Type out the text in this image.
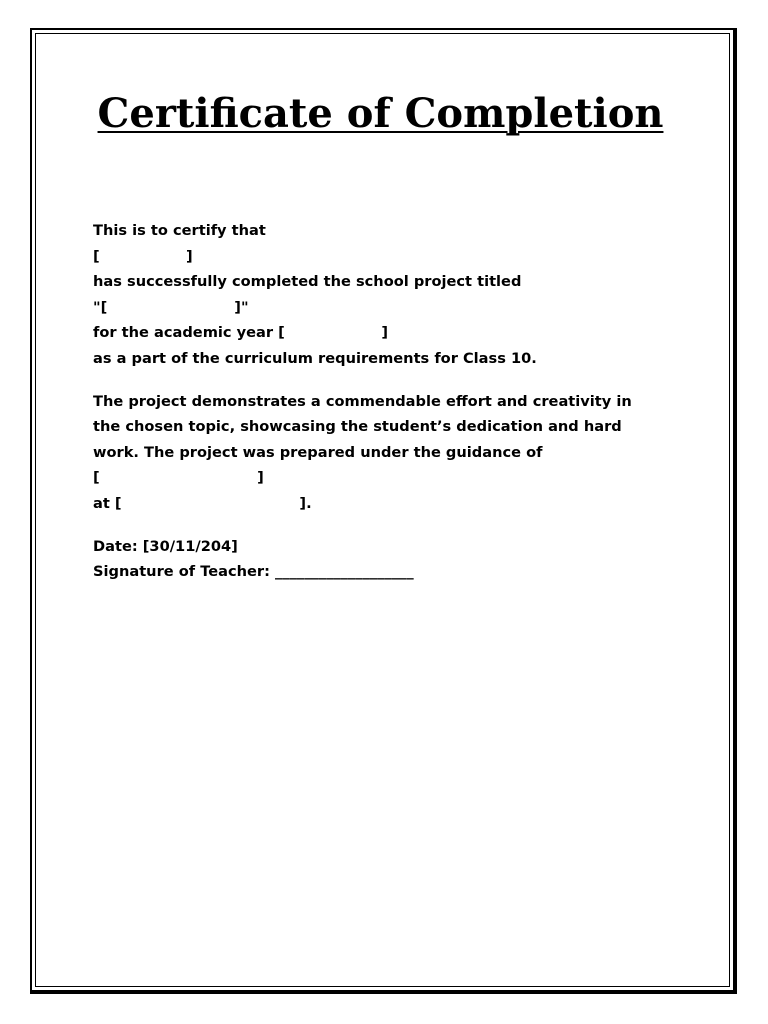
Certificate of Completion

This is to certify that
[                 ]
has successfully completed the school project titled
"[                         ]"
for the academic year [                   ]
as a part of the curriculum requirements for Class 10.

The project demonstrates a commendable effort and creativity in
the chosen topic, showcasing the student’s dedication and hard
work. The project was prepared under the guidance of
[                               ]
at [                                   ].

Date: [30/11/204]
Signature of Teacher: ___________________
